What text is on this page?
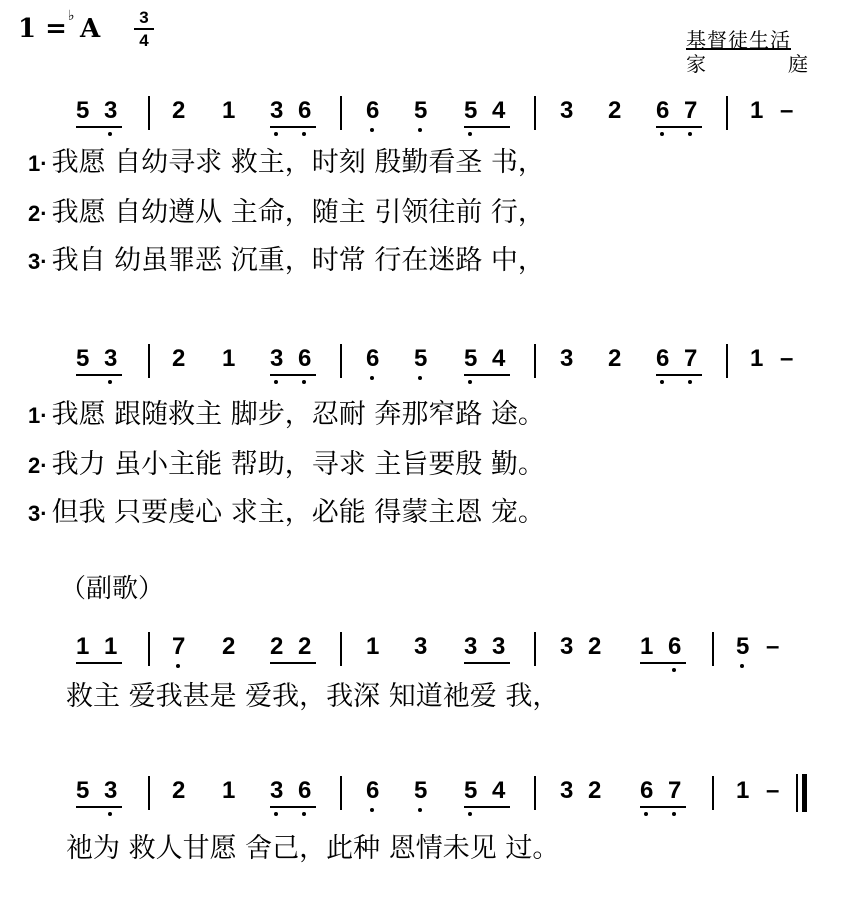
1 = ♭ A	3
4	基督徒生活
家	庭
5 3 2 1 3 6 6 5 5 4 3 2 6 7 1 –
1· 我愿 自幼寻求 救主，时刻 殷勤看圣 书，
2· 我愿 自幼遵从 主命，随主 引领往前 行，
3· 我自 幼虽罪恶 沉重，时常 行在迷路 中，
5 3 2 1 3 6 6 5 5 4 3 2 6 7 1 –
1· 我愿 跟随救主 脚步，忍耐 奔那窄路 途。
2· 我力 虽小主能 帮助，寻求 主旨要殷 勤。
3· 但我 只要虔心 求主，必能 得蒙主恩 宠。
（副歌）
1 1 7 2 2 2 1 3 3 3 3 2 1 6 5 –
救主 爱我甚是 爱我，我深 知道祂爱 我，
5 3 2 1 3 6 6 5 5 4 3 2 6 7 1 –
祂为 救人甘愿 舍己，此种 恩情未见 过。
